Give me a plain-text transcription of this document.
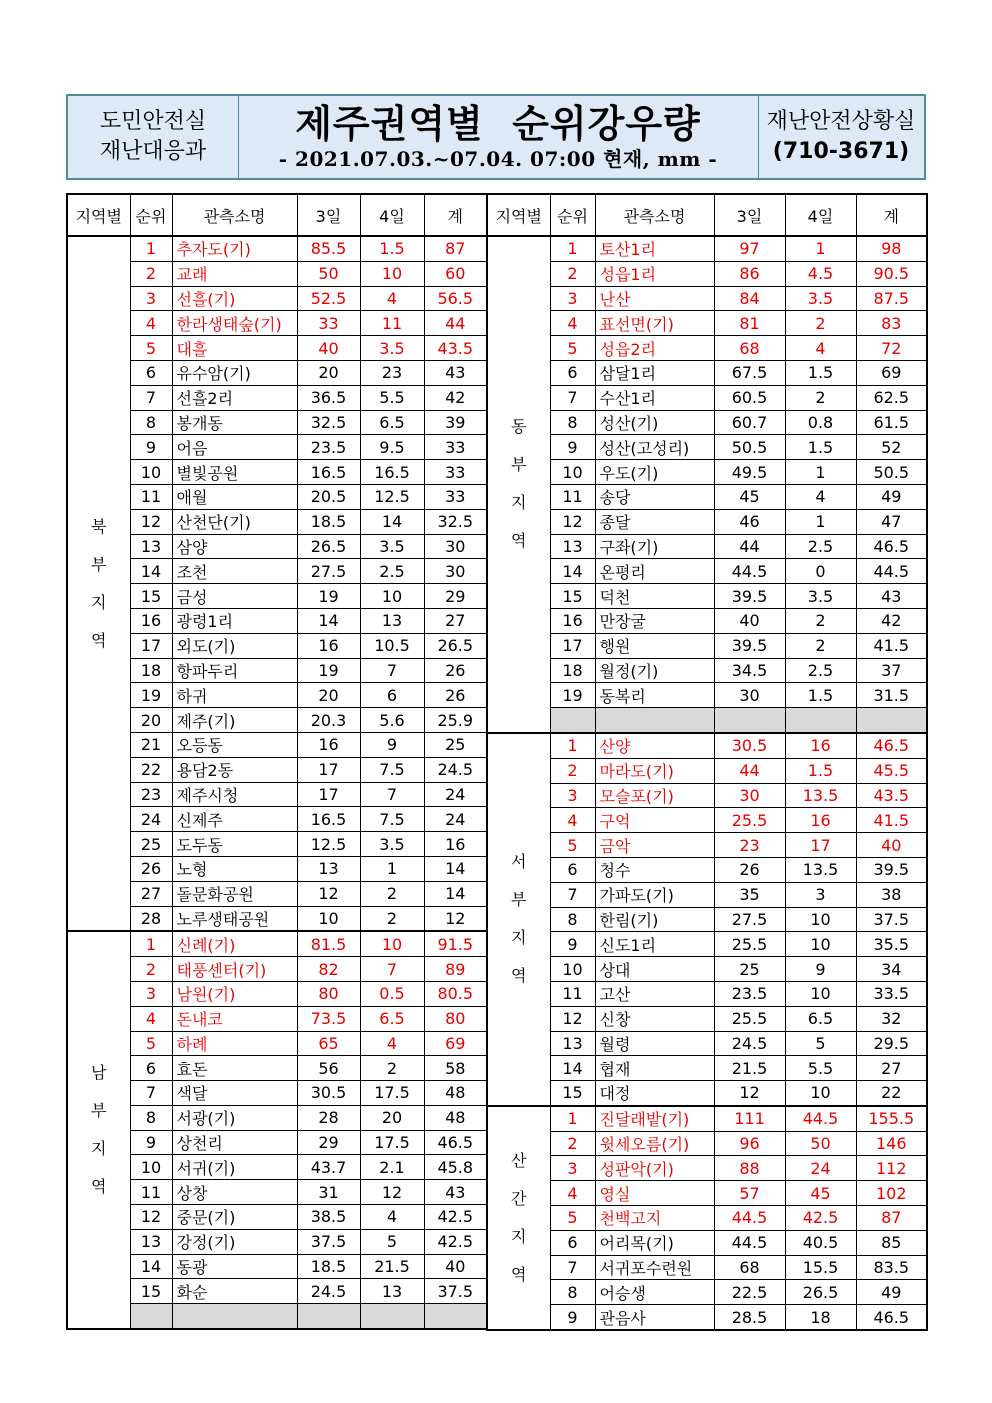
도민안전실
재난대응과
제주권역별  순위강우량
- 2021.07.03.~07.04. 07:00 현재, mm -
재난안전상황실
(710-3671)
지역별	순위	관측소명	3일	4일	계
북
부
지
역	1	추자도(기)	85.5	1.5	87
	2	교래	50	10	60
	3	선흘(기)	52.5	4	56.5
	4	한라생태숲(기)	33	11	44
	5	대흘	40	3.5	43.5
	6	유수암(기)	20	23	43
	7	선흘2리	36.5	5.5	42
	8	봉개동	32.5	6.5	39
	9	어음	23.5	9.5	33
	10	별빛공원	16.5	16.5	33
	11	애월	20.5	12.5	33
	12	산천단(기)	18.5	14	32.5
	13	삼양	26.5	3.5	30
	14	조천	27.5	2.5	30
	15	금성	19	10	29
	16	광령1리	14	13	27
	17	외도(기)	16	10.5	26.5
	18	항파두리	19	7	26
	19	하귀	20	6	26
	20	제주(기)	20.3	5.6	25.9
	21	오등동	16	9	25
	22	용담2동	17	7.5	24.5
	23	제주시청	17	7	24
	24	신제주	16.5	7.5	24
	25	도두동	12.5	3.5	16
	26	노형	13	1	14
	27	돌문화공원	12	2	14
	28	노루생태공원	10	2	12
남
부
지
역	1	신례(기)	81.5	10	91.5
	2	태풍센터(기)	82	7	89
	3	남원(기)	80	0.5	80.5
	4	돈내코	73.5	6.5	80
	5	하례	65	4	69
	6	효돈	56	2	58
	7	색달	30.5	17.5	48
	8	서광(기)	28	20	48
	9	상천리	29	17.5	46.5
	10	서귀(기)	43.7	2.1	45.8
	11	상창	31	12	43
	12	중문(기)	38.5	4	42.5
	13	강정(기)	37.5	5	42.5
	14	동광	18.5	21.5	40
	15	화순	24.5	13	37.5

지역별	순위	관측소명	3일	4일	계
동
부
지
역	1	토산1리	97	1	98
	2	성읍1리	86	4.5	90.5
	3	난산	84	3.5	87.5
	4	표선면(기)	81	2	83
	5	성읍2리	68	4	72
	6	삼달1리	67.5	1.5	69
	7	수산1리	60.5	2	62.5
	8	성산(기)	60.7	0.8	61.5
	9	성산(고성리)	50.5	1.5	52
	10	우도(기)	49.5	1	50.5
	11	송당	45	4	49
	12	종달	46	1	47
	13	구좌(기)	44	2.5	46.5
	14	온평리	44.5	0	44.5
	15	덕천	39.5	3.5	43
	16	만장굴	40	2	42
	17	행원	39.5	2	41.5
	18	월정(기)	34.5	2.5	37
	19	동복리	30	1.5	31.5

서
부
지
역	1	산양	30.5	16	46.5
	2	마라도(기)	44	1.5	45.5
	3	모슬포(기)	30	13.5	43.5
	4	구억	25.5	16	41.5
	5	금악	23	17	40
	6	청수	26	13.5	39.5
	7	가파도(기)	35	3	38
	8	한림(기)	27.5	10	37.5
	9	신도1리	25.5	10	35.5
	10	상대	25	9	34
	11	고산	23.5	10	33.5
	12	신창	25.5	6.5	32
	13	월령	24.5	5	29.5
	14	협재	21.5	5.5	27
	15	대정	12	10	22
산
간
지
역	1	진달래밭(기)	111	44.5	155.5
	2	윗세오름(기)	96	50	146
	3	성판악(기)	88	24	112
	4	영실	57	45	102
	5	천백고지	44.5	42.5	87
	6	어리목(기)	44.5	40.5	85
	7	서귀포수련원	68	15.5	83.5
	8	어승생	22.5	26.5	49
	9	관음사	28.5	18	46.5
